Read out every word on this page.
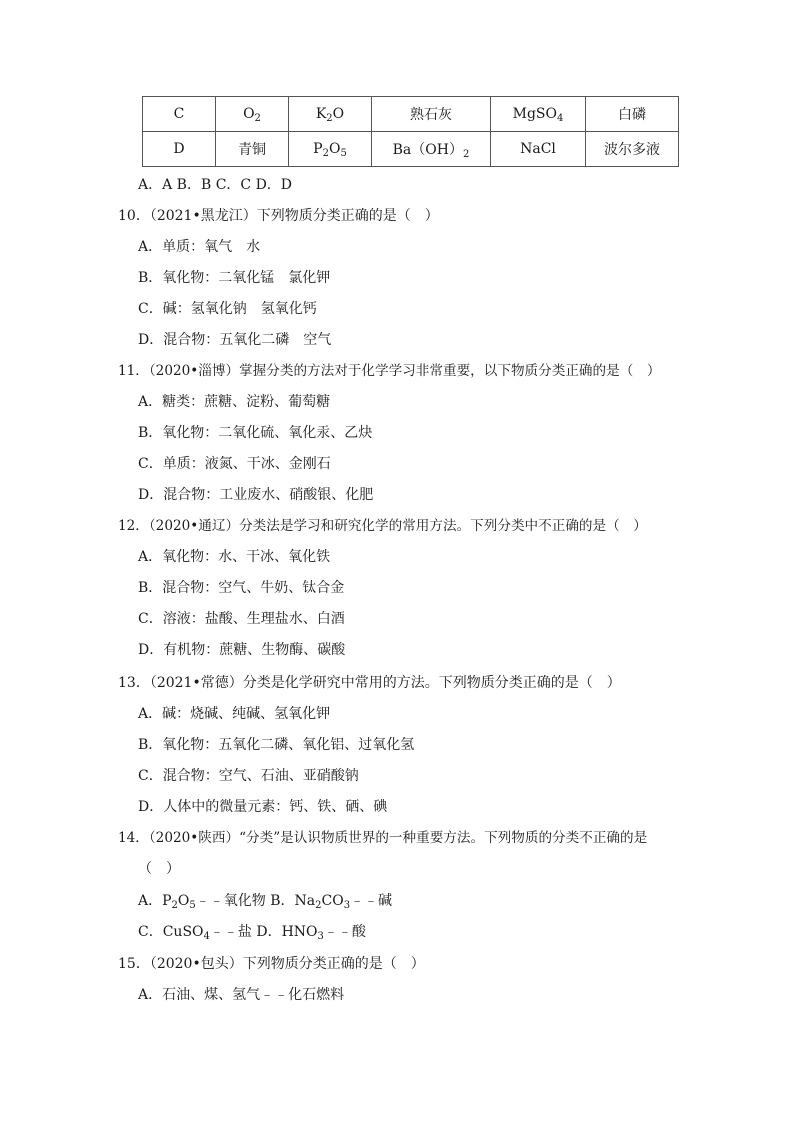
C	$O_2$	$K_2O$	熟石灰	MgSO$_4$	白磷
D	青铜	$P_2O_5$	$Ba(OH)_2$	NaCl	波尔多液
A．A B．B C．C D．D
10．（2021•黑龙江）下列物质分类正确的是（　）
A．单质：氧气　水
B．氧化物：二氧化锰　氯化钾
C．碱：氢氧化钠　氢氧化钙
D．混合物：五氧化二磷　空气
11．（2020•淄博）掌握分类的方法对于化学学习非常重要，以下物质分类正确的是（　）
A．糖类：蔗糖、淀粉、葡萄糖
B．氧化物：二氧化硫、氧化汞、乙炔
C．单质：液氮、干冰、金刚石
D．混合物：工业废水、硝酸银、化肥
12．（2020•通辽）分类法是学习和研究化学的常用方法。下列分类中不正确的是（　）
A．氧化物：水、干冰、氧化铁
B．混合物：空气、牛奶、钛合金
C．溶液：盐酸、生理盐水、白酒
D．有机物：蔗糖、生物酶、碳酸
13．（2021•常德）分类是化学研究中常用的方法。下列物质分类正确的是（　）
A．碱：烧碱、纯碱、氢氧化钾
B．氧化物：五氧化二磷、氧化铝、过氧化氢
C．混合物：空气、石油、亚硝酸钠
D．人体中的微量元素：钙、铁、硒、碘
14．（2020•陕西）“分类”是认识物质世界的一种重要方法。下列物质的分类不正确的是
（　）
A．$P_2O_5﹣﹣$氧化物 B．$Na_2CO_3﹣﹣$碱
C．CuSO$_4$﹣﹣盐 D．$HNO_3﹣﹣$酸
15．（2020•包头）下列物质分类正确的是（　）
A．石油、煤、氢气﹣﹣化石燃料
